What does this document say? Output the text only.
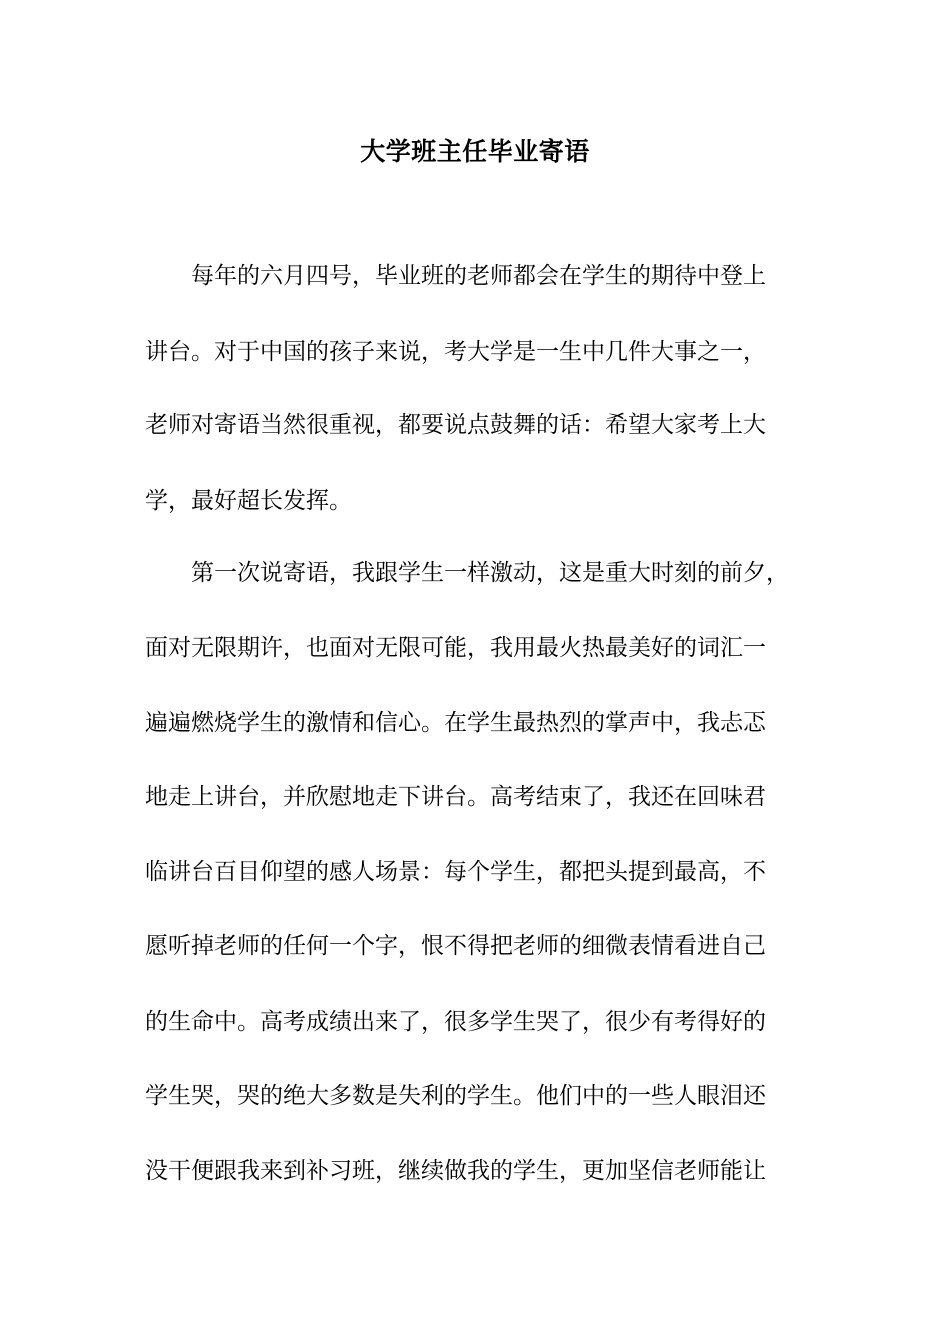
大学班主任毕业寄语
　　每年的六月四号，毕业班的老师都会在学生的期待中登上
讲台。对于中国的孩子来说，考大学是一生中几件大事之一，
老师对寄语当然很重视，都要说点鼓舞的话：希望大家考上大
学，最好超长发挥。
　　第一次说寄语，我跟学生一样激动，这是重大时刻的前夕，
面对无限期许，也面对无限可能，我用最火热最美好的词汇一
遍遍燃烧学生的激情和信心。在学生最热烈的掌声中，我忐忑
地走上讲台，并欣慰地走下讲台。高考结束了，我还在回味君
临讲台百目仰望的感人场景：每个学生，都把头提到最高，不
愿听掉老师的任何一个字，恨不得把老师的细微表情看进自己
的生命中。高考成绩出来了，很多学生哭了，很少有考得好的
学生哭，哭的绝大多数是失利的学生。他们中的一些人眼泪还
没干便跟我来到补习班，继续做我的学生，更加坚信老师能让
